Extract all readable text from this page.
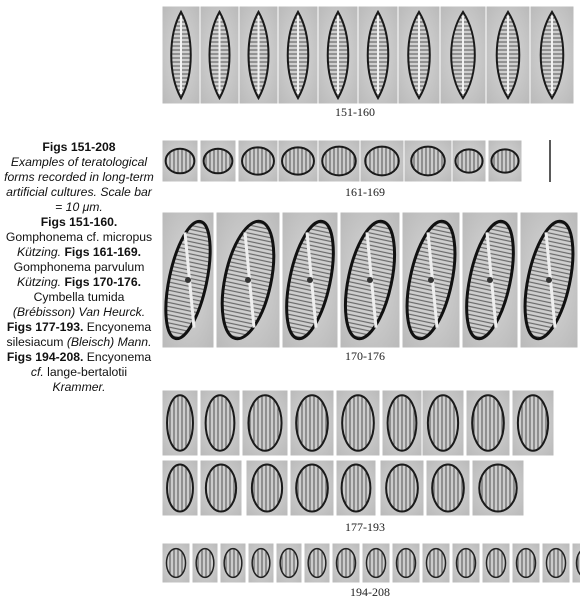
Figs 151-208
Examples of teratological forms recorded in long-term artificial cultures. Scale bar = 10 μm.
Figs 151-160. Gomphonema cf. micropus Kützing. Figs 161-169. Gomphonema parvulum Kützing. Figs 170-176. Cymbella tumida (Brébisson) Van Heurck. Figs 177-193. Encyonema silesiacum (Bleisch) Mann. Figs 194-208. Encyonema cf. lange-bertalotii Krammer.
151-160
161-169
170-176
177-193
194-208
